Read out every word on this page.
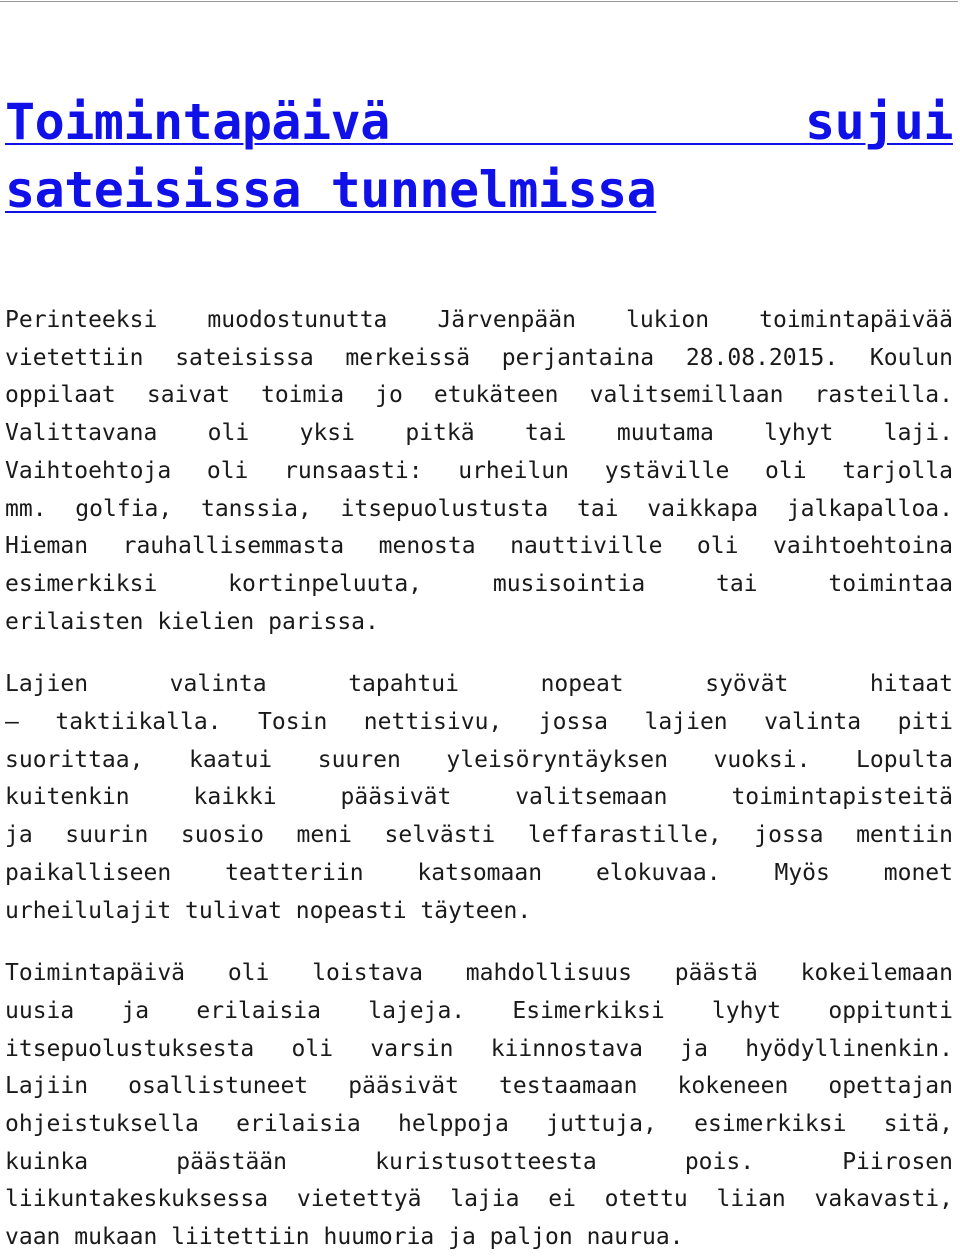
Toimintapäivä sujui
sateisissa tunnelmissa

Perinteeksi muodostunutta Järvenpään lukion toimintapäivää
vietettiin sateisissa merkeissä perjantaina 28.08.2015. Koulun
oppilaat saivat toimia jo etukäteen valitsemillaan rasteilla.
Valittavana oli yksi pitkä tai muutama lyhyt laji.
Vaihtoehtoja oli runsaasti: urheilun ystäville oli tarjolla
mm. golfia, tanssia, itsepuolustusta tai vaikkapa jalkapalloa.
Hieman rauhallisemmasta menosta nauttiville oli vaihtoehtoina
esimerkiksi kortinpeluuta, musisointia tai toimintaa
erilaisten kielien parissa.

Lajien valinta tapahtui nopeat syövät hitaat
– taktiikalla. Tosin nettisivu, jossa lajien valinta piti
suorittaa, kaatui suuren yleisöryntäyksen vuoksi. Lopulta
kuitenkin kaikki pääsivät valitsemaan toimintapisteitä
ja suurin suosio meni selvästi leffarastille, jossa mentiin
paikalliseen teatteriin katsomaan elokuvaa. Myös monet
urheilulajit tulivat nopeasti täyteen.

Toimintapäivä oli loistava mahdollisuus päästä kokeilemaan
uusia ja erilaisia lajeja. Esimerkiksi lyhyt oppitunti
itsepuolustuksesta oli varsin kiinnostava ja hyödyllinenkin.
Lajiin osallistuneet pääsivät testaamaan kokeneen opettajan
ohjeistuksella erilaisia helppoja juttuja, esimerkiksi sitä,
kuinka päästään kuristusotteesta pois. Piirosen
liikuntakeskuksessa vietettyä lajia ei otettu liian vakavasti,
vaan mukaan liitettiin huumoria ja paljon naurua.
